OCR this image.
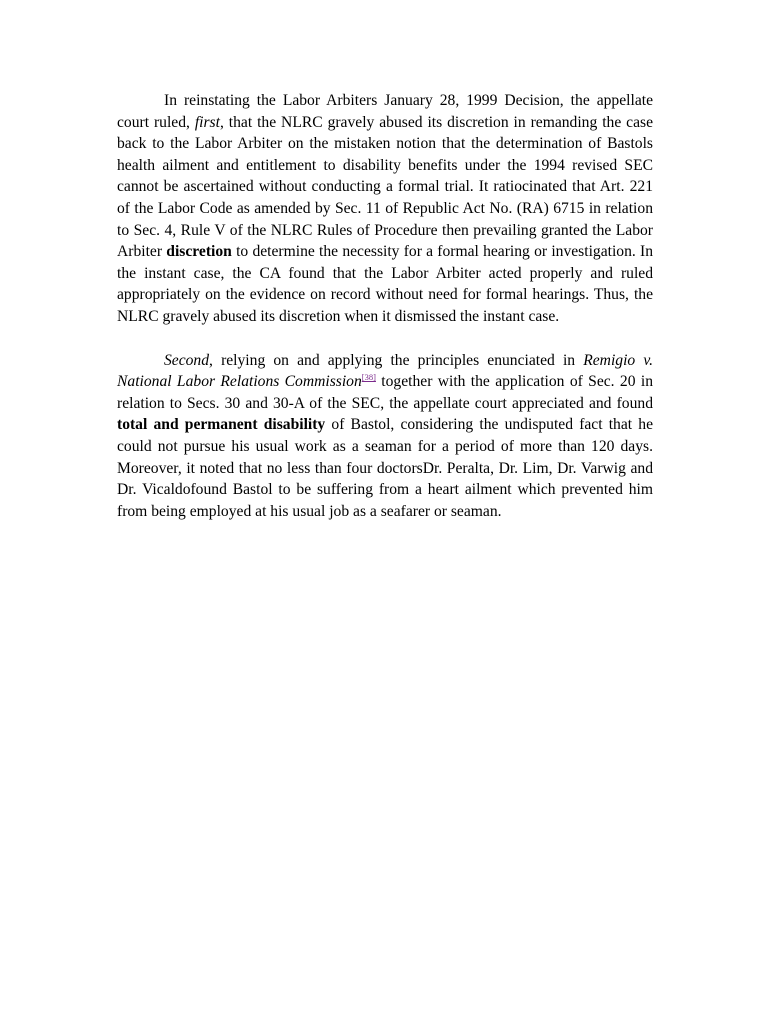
In reinstating the Labor Arbiters January 28, 1999 Decision, the appellate court ruled, first, that the NLRC gravely abused its discretion in remanding the case back to the Labor Arbiter on the mistaken notion that the determination of Bastols health ailment and entitlement to disability benefits under the 1994 revised SEC cannot be ascertained without conducting a formal trial. It ratiocinated that Art. 221 of the Labor Code as amended by Sec. 11 of Republic Act No. (RA) 6715 in relation to Sec. 4, Rule V of the NLRC Rules of Procedure then prevailing granted the Labor Arbiter discretion to determine the necessity for a formal hearing or investigation. In the instant case, the CA found that the Labor Arbiter acted properly and ruled appropriately on the evidence on record without need for formal hearings. Thus, the NLRC gravely abused its discretion when it dismissed the instant case.

Second, relying on and applying the principles enunciated in Remigio v. National Labor Relations Commission[38] together with the application of Sec. 20 in relation to Secs. 30 and 30-A of the SEC, the appellate court appreciated and found total and permanent disability of Bastol, considering the undisputed fact that he could not pursue his usual work as a seaman for a period of more than 120 days. Moreover, it noted that no less than four doctorsDr. Peralta, Dr. Lim, Dr. Varwig and Dr. Vicaldofound Bastol to be suffering from a heart ailment which prevented him from being employed at his usual job as a seafarer or seaman.
